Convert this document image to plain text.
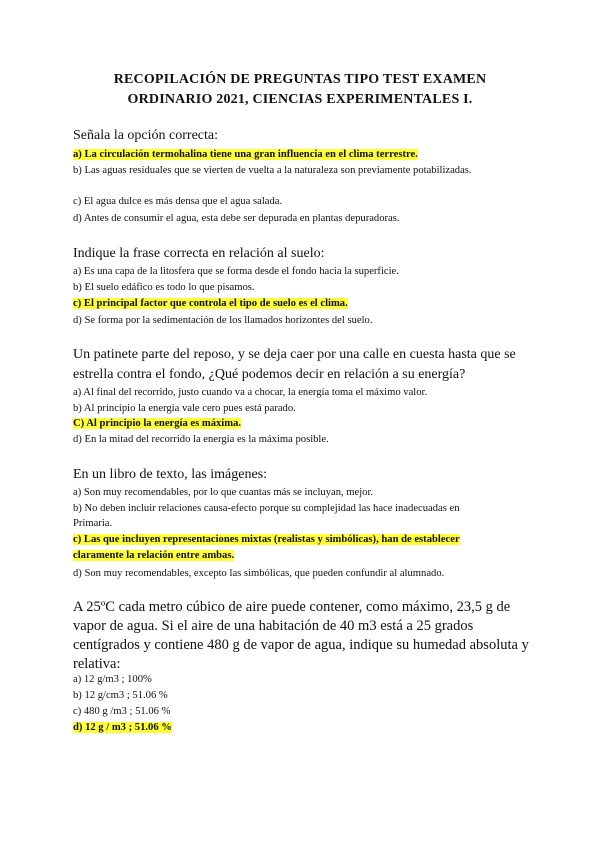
RECOPILACIÓN DE PREGUNTAS TIPO TEST EXAMEN
ORDINARIO 2021, CIENCIAS EXPERIMENTALES I.
Señala la opción correcta:
a) La circulación termohalina tiene una gran influencia en el clima terrestre.
b) Las aguas residuales que se vierten de vuelta a la naturaleza son previamente potabilizadas.
c) El agua dulce es más densa que el agua salada.
d) Antes de consumir el agua, esta debe ser depurada en plantas depuradoras.
Indique la frase correcta en relación al suelo:
a) Es una capa de la litosfera que se forma desde el fondo hacia la superficie.
b) El suelo edáfico es todo lo que pisamos.
c) El principal factor que controla el tipo de suelo es el clima.
d) Se forma por la sedimentación de los llamados horizontes del suelo.
Un patinete parte del reposo, y se deja caer por una calle en cuesta hasta que se
estrella contra el fondo, ¿Qué podemos decir en relación a su energía?
a) Al final del recorrido, justo cuando va a chocar, la energía toma el máximo valor.
b) Al principio la energía vale cero pues está parado.
C) Al principio la energía es máxima.
d) En la mitad del recorrido la energía es la máxima posible.
En un libro de texto, las imágenes:
a) Son muy recomendables, por lo que cuantas más se incluyan, mejor.
b) No deben incluir relaciones causa-efecto porque su complejidad las hace inadecuadas en
Primaria.
c) Las que incluyen representaciones mixtas (realistas y simbólicas), han de establecer
claramente la relación entre ambas.
d) Son muy recomendables, excepto las simbólicas, que pueden confundir al alumnado.
A 25ºC cada metro cúbico de aire puede contener, como máximo, 23,5 g de
vapor de agua. Si el aire de una habitación de 40 m3 está a 25 grados
centígrados y contiene 480 g de vapor de agua, indique su humedad absoluta y
relativa:
a) 12 g/m3 ; 100%
b) 12 g/cm3 ; 51.06 %
c) 480 g /m3 ; 51.06 %
d) 12 g / m3 ; 51.06 %
